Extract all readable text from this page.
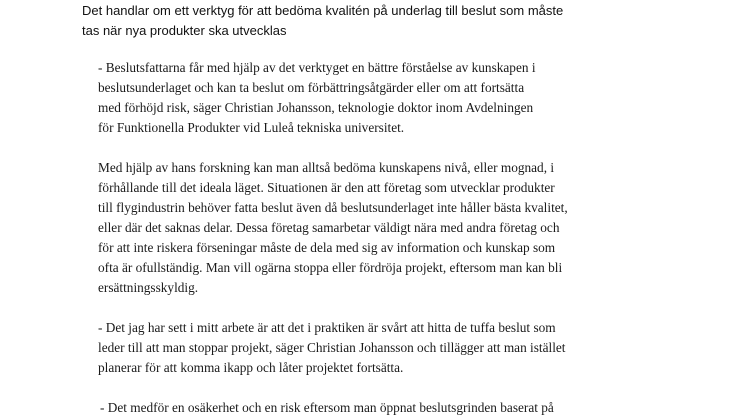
Det handlar om ett verktyg för att bedöma kvalitén på underlag till beslut som måste
tas när nya produkter ska utvecklas
- Beslutsfattarna får med hjälp av det verktyget en bättre förståelse av kunskapen i
beslutsunderlaget och kan ta beslut om förbättringsåtgärder eller om att fortsätta
med förhöjd risk, säger Christian Johansson, teknologie doktor inom Avdelningen
för Funktionella Produkter vid Luleå tekniska universitet.
Med hjälp av hans forskning kan man alltså bedöma kunskapens nivå, eller mognad, i
förhållande till det ideala läget. Situationen är den att företag som utvecklar produkter
till flygindustrin behöver fatta beslut även då beslutsunderlaget inte håller bästa kvalitet,
eller där det saknas delar. Dessa företag samarbetar väldigt nära med andra företag och
för att inte riskera förseningar måste de dela med sig av information och kunskap som
ofta är ofullständig. Man vill ogärna stoppa eller fördröja projekt, eftersom man kan bli
ersättningsskyldig.
- Det jag har sett i mitt arbete är att det i praktiken är svårt att hitta de tuffa beslut som
leder till att man stoppar projekt, säger Christian Johansson och tillägger att man istället
planerar för att komma ikapp och låter projektet fortsätta.
- Det medför en osäkerhet och en risk eftersom man öppnat beslutsgrinden baserat på
